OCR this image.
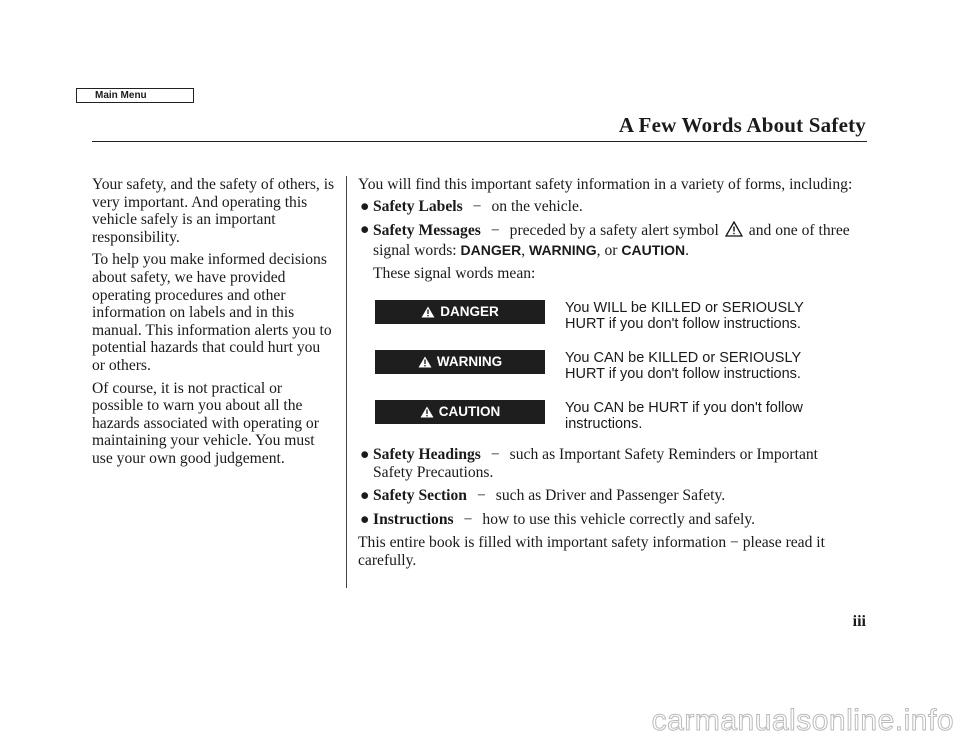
Main Menu
A Few Words About Safety

Your safety, and the safety of others, is very important. And operating this vehicle safely is an important responsibility.

To help you make informed decisions about safety, we have provided operating procedures and other information on labels and in this manual. This information alerts you to potential hazards that could hurt you or others.

Of course, it is not practical or possible to warn you about all the hazards associated with operating or maintaining your vehicle. You must use your own good judgement.

You will find this important safety information in a variety of forms, including:

● Safety Labels − on the vehicle.

● Safety Messages − preceded by a safety alert symbol and one of three signal words: DANGER, WARNING, or CAUTION.

These signal words mean:

DANGER	You WILL be KILLED or SERIOUSLY HURT if you don't follow instructions.
WARNING	You CAN be KILLED or SERIOUSLY HURT if you don't follow instructions.
CAUTION	You CAN be HURT if you don't follow instructions.

● Safety Headings − such as Important Safety Reminders or Important Safety Precautions.

● Safety Section − such as Driver and Passenger Safety.

● Instructions − how to use this vehicle correctly and safely.

This entire book is filled with important safety information − please read it carefully.

iii
carmanualsonline.info
